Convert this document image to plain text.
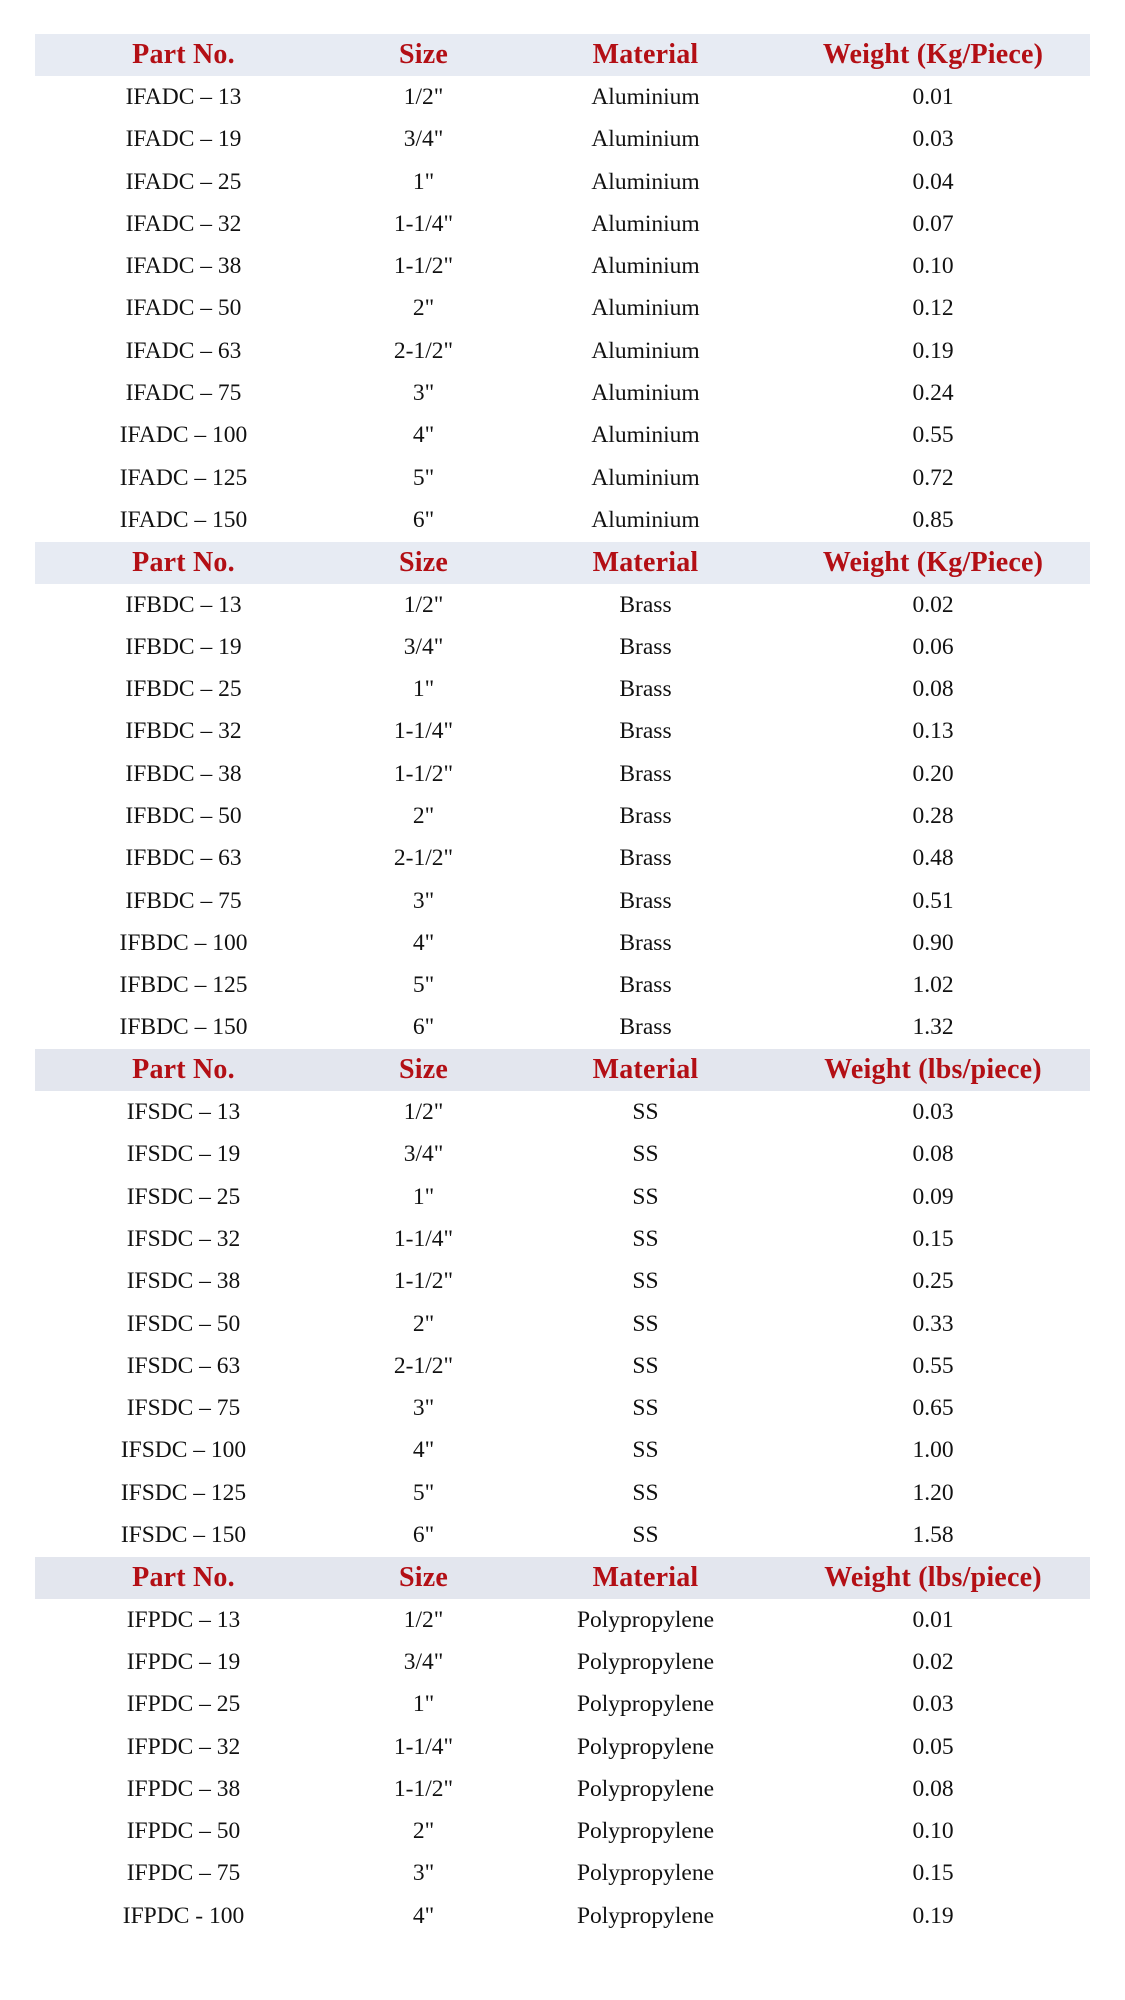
Part No.	Size	Material	Weight (Kg/Piece)
IFADC – 13	1/2"	Aluminium	0.01
IFADC – 19	3/4"	Aluminium	0.03
IFADC – 25	1"	Aluminium	0.04
IFADC – 32	1-1/4"	Aluminium	0.07
IFADC – 38	1-1/2"	Aluminium	0.10
IFADC – 50	2"	Aluminium	0.12
IFADC – 63	2-1/2"	Aluminium	0.19
IFADC – 75	3"	Aluminium	0.24
IFADC – 100	4"	Aluminium	0.55
IFADC – 125	5"	Aluminium	0.72
IFADC – 150	6"	Aluminium	0.85
Part No.	Size	Material	Weight (Kg/Piece)
IFBDC – 13	1/2"	Brass	0.02
IFBDC – 19	3/4"	Brass	0.06
IFBDC – 25	1"	Brass	0.08
IFBDC – 32	1-1/4"	Brass	0.13
IFBDC – 38	1-1/2"	Brass	0.20
IFBDC – 50	2"	Brass	0.28
IFBDC – 63	2-1/2"	Brass	0.48
IFBDC – 75	3"	Brass	0.51
IFBDC – 100	4"	Brass	0.90
IFBDC – 125	5"	Brass	1.02
IFBDC – 150	6"	Brass	1.32
Part No.	Size	Material	Weight (lbs/piece)
IFSDC – 13	1/2"	SS	0.03
IFSDC – 19	3/4"	SS	0.08
IFSDC – 25	1"	SS	0.09
IFSDC – 32	1-1/4"	SS	0.15
IFSDC – 38	1-1/2"	SS	0.25
IFSDC – 50	2"	SS	0.33
IFSDC – 63	2-1/2"	SS	0.55
IFSDC – 75	3"	SS	0.65
IFSDC – 100	4"	SS	1.00
IFSDC – 125	5"	SS	1.20
IFSDC – 150	6"	SS	1.58
Part No.	Size	Material	Weight (lbs/piece)
IFPDC – 13	1/2"	Polypropylene	0.01
IFPDC – 19	3/4"	Polypropylene	0.02
IFPDC – 25	1"	Polypropylene	0.03
IFPDC – 32	1-1/4"	Polypropylene	0.05
IFPDC – 38	1-1/2"	Polypropylene	0.08
IFPDC – 50	2"	Polypropylene	0.10
IFPDC – 75	3"	Polypropylene	0.15
IFPDC - 100	4"	Polypropylene	0.19
